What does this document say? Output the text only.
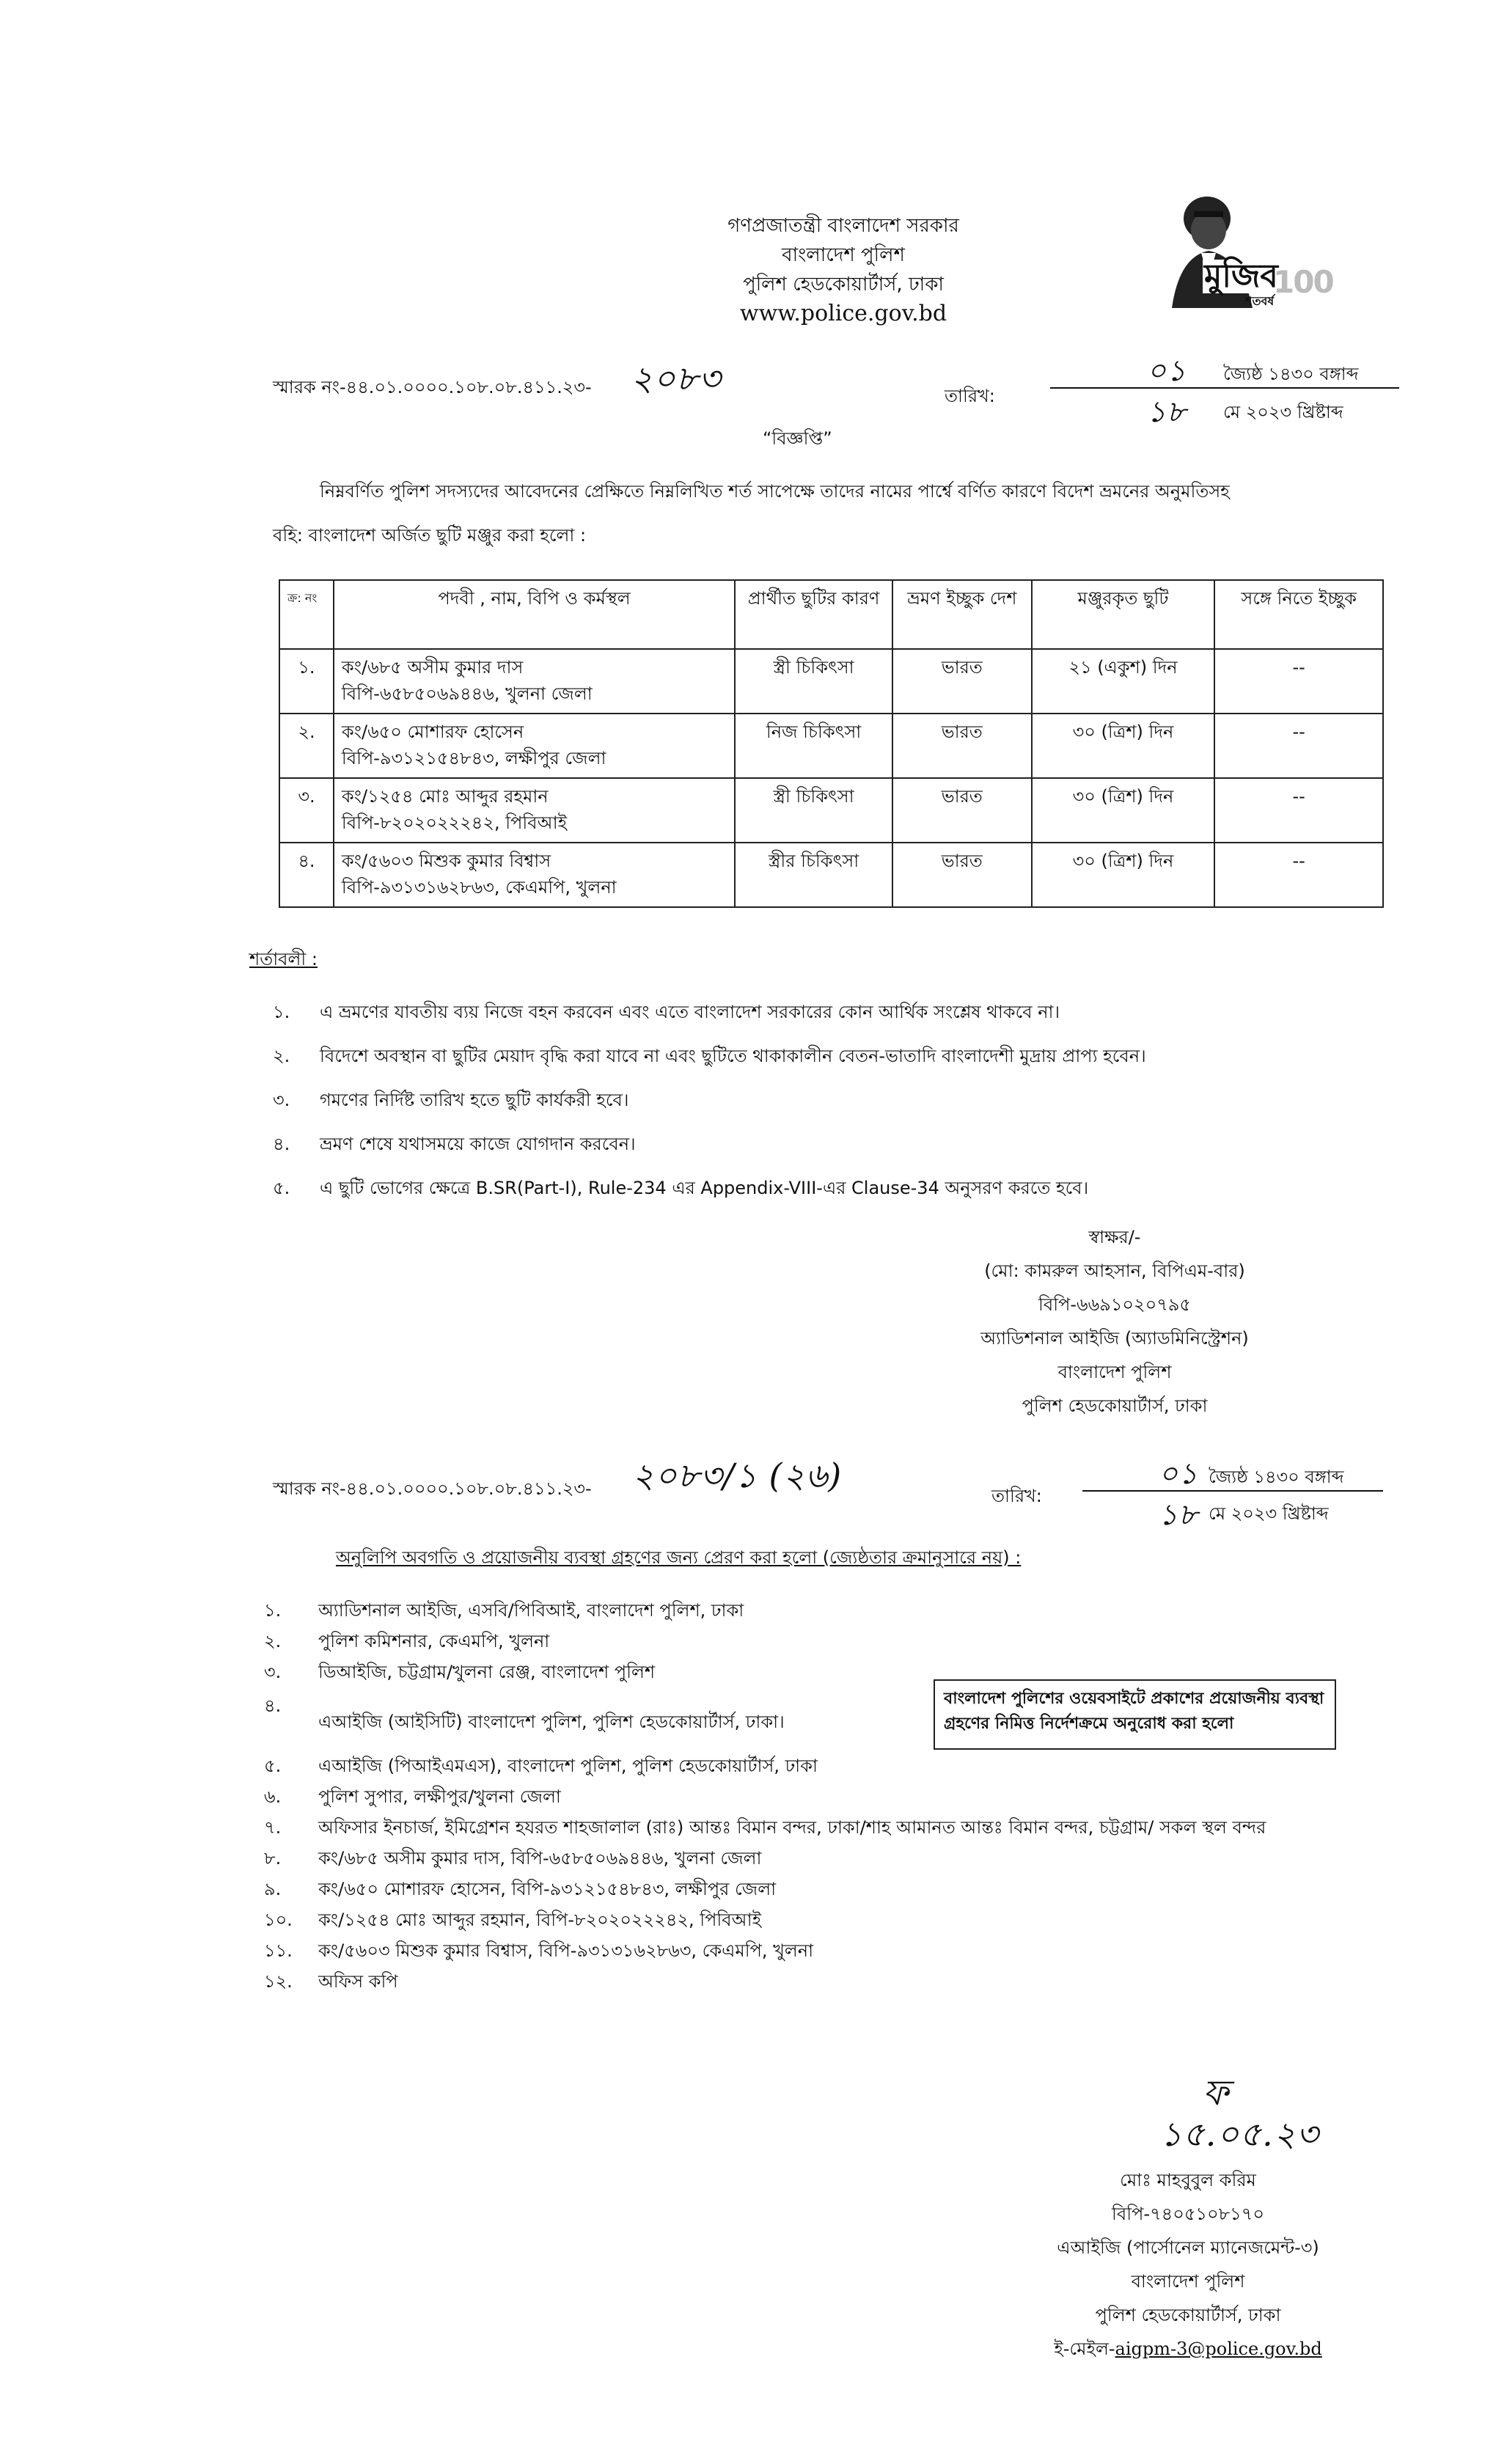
গণপ্রজাতন্ত্রী বাংলাদেশ সরকার
বাংলাদেশ পুলিশ
পুলিশ হেডকোয়ার্টার্স, ঢাকা
www.police.gov.bd
মুজিব
শতবর্ষ
100
স্মারক নং-৪৪.০১.০০০০.১০৮.০৮.৪১১.২৩- ২০৮৩	তারিখ:
০১ জ্যৈষ্ঠ ১৪৩০ বঙ্গাব্দ
১৮ মে ২০২৩ খ্রিষ্টাব্দ
“বিজ্ঞপ্তি”
নিম্নবর্ণিত পুলিশ সদস্যদের আবেদনের প্রেক্ষিতে নিম্নলিখিত শর্ত সাপেক্ষে তাদের নামের পার্শ্বে বর্ণিত কারণে বিদেশ ভ্রমনের অনুমতিসহ
বহি: বাংলাদেশ অর্জিত ছুটি মঞ্জুর করা হলো :
ক্র: নং	পদবী , নাম, বিপি ও কর্মস্থল	প্রার্থীত ছুটির কারণ	ভ্রমণ ইচ্ছুক দেশ	মঞ্জুরকৃত ছুটি	সঙ্গে নিতে ইচ্ছুক
১.	কং/৬৮৫ অসীম কুমার দাস
বিপি-৬৫৮৫০৬৯৪৪৬, খুলনা জেলা	স্ত্রী চিকিৎসা	ভারত	২১ (একুশ) দিন	--
২.	কং/৬৫০ মোশারফ হোসেন
বিপি-৯৩১২১৫৪৮৪৩, লক্ষীপুর জেলা	নিজ চিকিৎসা	ভারত	৩০ (ত্রিশ) দিন	--
৩.	কং/১২৫৪ মোঃ আব্দুর রহমান
বিপি-৮২০২০২২২৪২, পিবিআই	স্ত্রী চিকিৎসা	ভারত	৩০ (ত্রিশ) দিন	--
৪.	কং/৫৬০৩ মিশুক কুমার বিশ্বাস
বিপি-৯৩১৩১৬২৮৬৩, কেএমপি, খুলনা	স্ত্রীর চিকিৎসা	ভারত	৩০ (ত্রিশ) দিন	--
শর্তাবলী :
১. এ ভ্রমণের যাবতীয় ব্যয় নিজে বহন করবেন এবং এতে বাংলাদেশ সরকারের কোন আর্থিক সংশ্লেষ থাকবে না।
২. বিদেশে অবস্থান বা ছুটির মেয়াদ বৃদ্ধি করা যাবে না এবং ছুটিতে থাকাকালীন বেতন-ভাতাদি বাংলাদেশী মুদ্রায় প্রাপ্য হবেন।
৩. গমণের নির্দিষ্ট তারিখ হতে ছুটি কার্যকরী হবে।
৪. ভ্রমণ শেষে যথাসময়ে কাজে যোগদান করবেন।
৫. এ ছুটি ভোগের ক্ষেত্রে B.SR(Part-I), Rule-234 এর Appendix-VIII-এর Clause-34 অনুসরণ করতে হবে।
স্বাক্ষর/-
(মো: কামরুল আহসান, বিপিএম-বার)
বিপি-৬৬৯১০২০৭৯৫
অ্যাডিশনাল আইজি (অ্যাডমিনিস্ট্রেশন)
বাংলাদেশ পুলিশ
পুলিশ হেডকোয়ার্টার্স, ঢাকা
স্মারক নং-৪৪.০১.০০০০.১০৮.০৮.৪১১.২৩- ২০৮৩/১ (২৬)
তারিখ:
০১ জ্যৈষ্ঠ ১৪৩০ বঙ্গাব্দ
১৮ মে ২০২৩ খ্রিষ্টাব্দ
অনুলিপি অবগতি ও প্রয়োজনীয় ব্যবস্থা গ্রহণের জন্য প্রেরণ করা হলো (জ্যেষ্ঠতার ক্রমানুসারে নয়) :
১. অ্যাডিশনাল আইজি, এসবি/পিবিআই, বাংলাদেশ পুলিশ, ঢাকা
২. পুলিশ কমিশনার, কেএমপি, খুলনা
৩. ডিআইজি, চট্টগ্রাম/খুলনা রেঞ্জ, বাংলাদেশ পুলিশ
৪.
এআইজি (আইসিটি) বাংলাদেশ পুলিশ, পুলিশ হেডকোয়ার্টার্স, ঢাকা।
৫. এআইজি (পিআইএমএস), বাংলাদেশ পুলিশ, পুলিশ হেডকোয়ার্টার্স, ঢাকা
৬. পুলিশ সুপার, লক্ষীপুর/খুলনা জেলা
৭. অফিসার ইনচার্জ, ইমিগ্রেশন হযরত শাহজালাল (রাঃ) আন্তঃ বিমান বন্দর, ঢাকা/শাহ আমানত আন্তঃ বিমান বন্দর, চট্টগ্রাম/ সকল স্থল বন্দর
৮. কং/৬৮৫ অসীম কুমার দাস, বিপি-৬৫৮৫০৬৯৪৪৬, খুলনা জেলা
৯. কং/৬৫০ মোশারফ হোসেন, বিপি-৯৩১২১৫৪৮৪৩, লক্ষীপুর জেলা
১০. কং/১২৫৪ মোঃ আব্দুর রহমান, বিপি-৮২০২০২২২৪২, পিবিআই
১১. কং/৫৬০৩ মিশুক কুমার বিশ্বাস, বিপি-৯৩১৩১৬২৮৬৩, কেএমপি, খুলনা
১২. অফিস কপি
বাংলাদেশ পুলিশের ওয়েবসাইটে প্রকাশের প্রয়োজনীয় ব্যবস্থা গ্রহণের নিমিত্ত নির্দেশক্রমে অনুরোধ করা হলো
ফ
১৫.০৫.২৩
মোঃ মাহবুবুল করিম
বিপি-৭৪০৫১০৮১৭০
এআইজি (পার্সোনেল ম্যানেজমেন্ট-৩)
বাংলাদেশ পুলিশ
পুলিশ হেডকোয়ার্টার্স, ঢাকা
ই-মেইল-aigpm-3@police.gov.bd
